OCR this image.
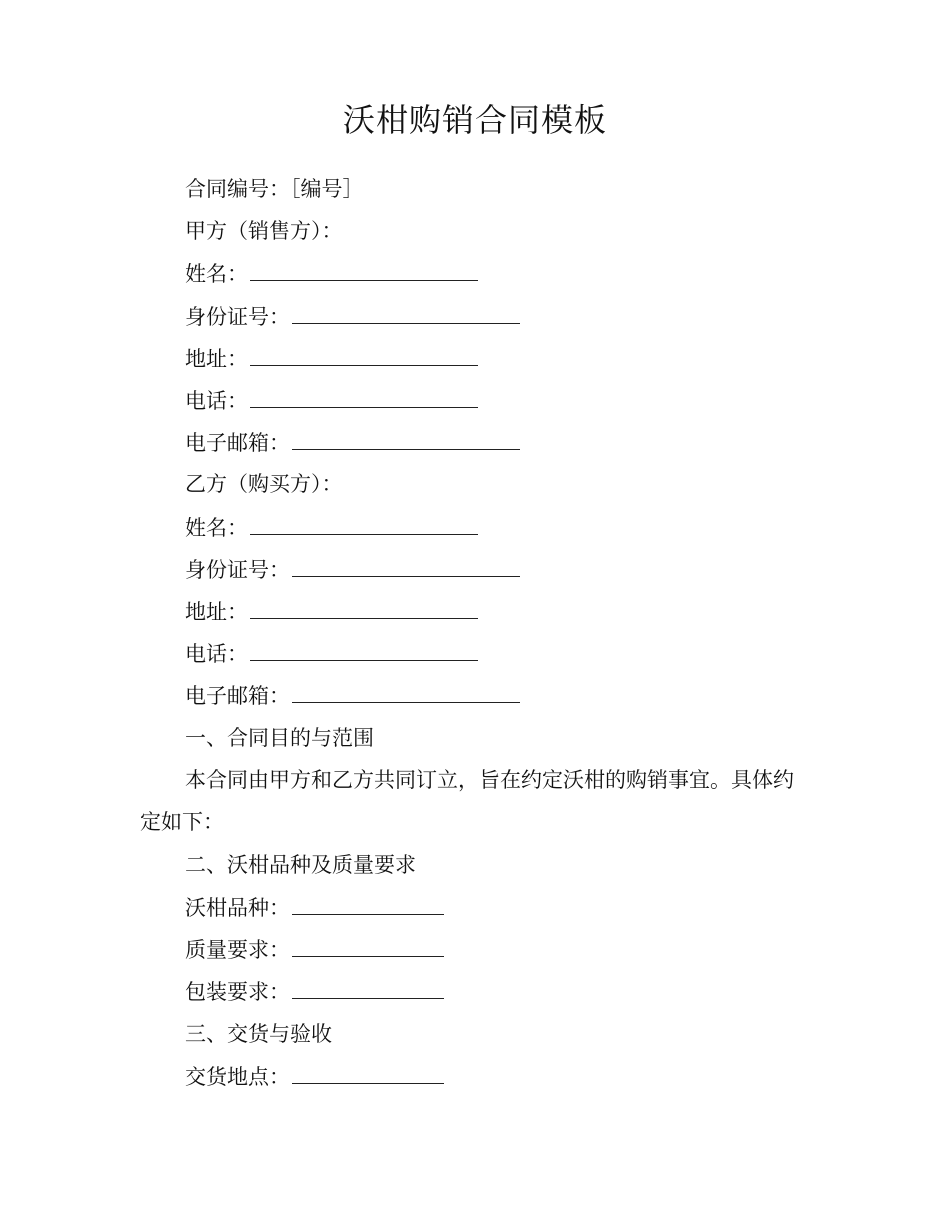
沃柑购销合同模板
合同编号：［编号］
甲方（销售方）：
姓名：
身份证号：
地址：
电话：
电子邮箱：
乙方（购买方）：
姓名：
身份证号：
地址：
电话：
电子邮箱：
一、合同目的与范围
本合同由甲方和乙方共同订立，旨在约定沃柑的购销事宜。具体约定如下：
二、沃柑品种及质量要求
沃柑品种：
质量要求：
包装要求：
三、交货与验收
交货地点：
